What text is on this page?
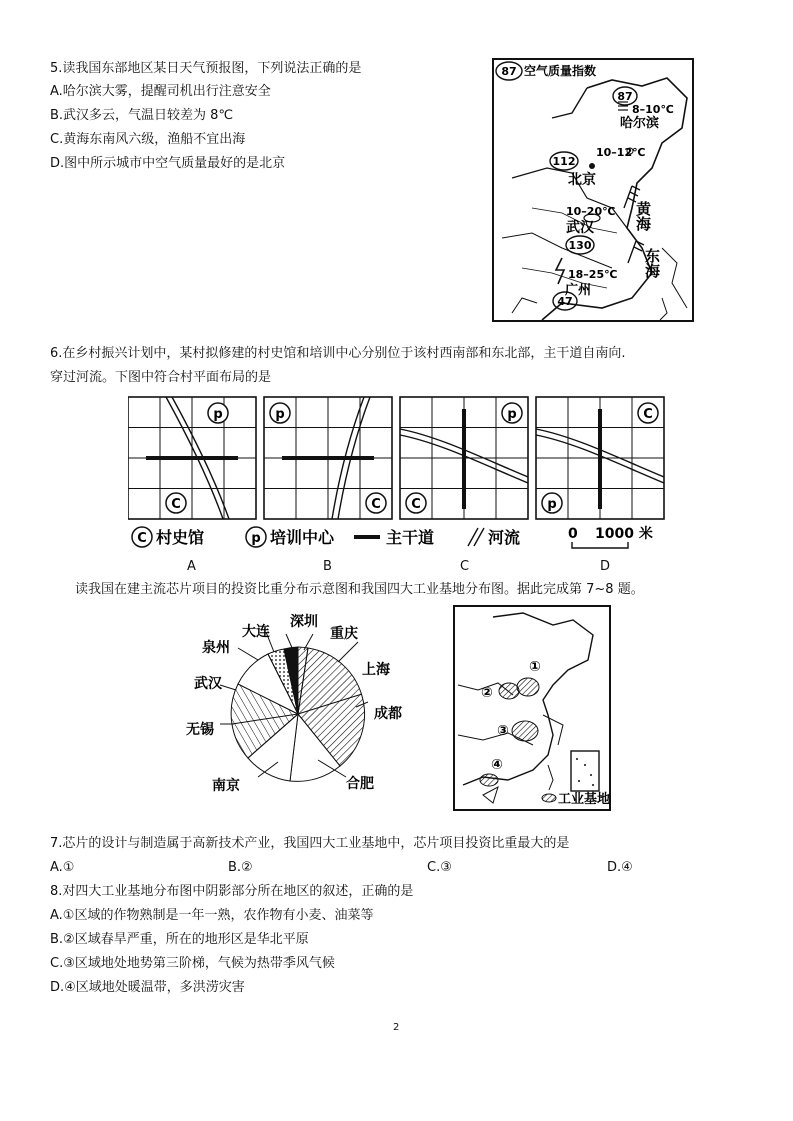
5.读我国东部地区某日天气预报图，下列说法正确的是
A.哈尔滨大雾，提醒司机出行注意安全
B.武汉多云，气温日较差为 8℃
C.黄海东南风六级，渔船不宜出海
D.图中所示城市中空气质量最好的是北京
87 空气质量指数
87
8–10℃
哈尔滨
112
10–12℃
北京
10–20℃
武汉
130
18–25℃
广州
47
黄海
东海
6.在乡村振兴计划中，某村拟修建的村史馆和培训中心分别位于该村西南部和东北部，主干道自南向.
穿过河流。下图中符合村平面布局的是
p
C
p
C
p
C
C
p
C 村史馆	p 培训中心	主干道	河流	0 1000 米
A	B	C	D
读我国在建主流芯片项目的投资比重分布示意图和我国四大工业基地分布图。据此完成第 7~8 题。
深圳
重庆
上海
成都
合肥
南京
无锡
武汉
泉州
大连
①
②
③
④
工业基地
7.芯片的设计与制造属于高新技术产业，我国四大工业基地中，芯片项目投资比重最大的是
A.①	B.②	C.③	D.④
8.对四大工业基地分布图中阴影部分所在地区的叙述，正确的是
A.①区域的作物熟制是一年一熟，农作物有小麦、油菜等
B.②区域春旱严重，所在的地形区是华北平原
C.③区域地处地势第三阶梯，气候为热带季风气候
D.④区域地处暖温带，多洪涝灾害
2
